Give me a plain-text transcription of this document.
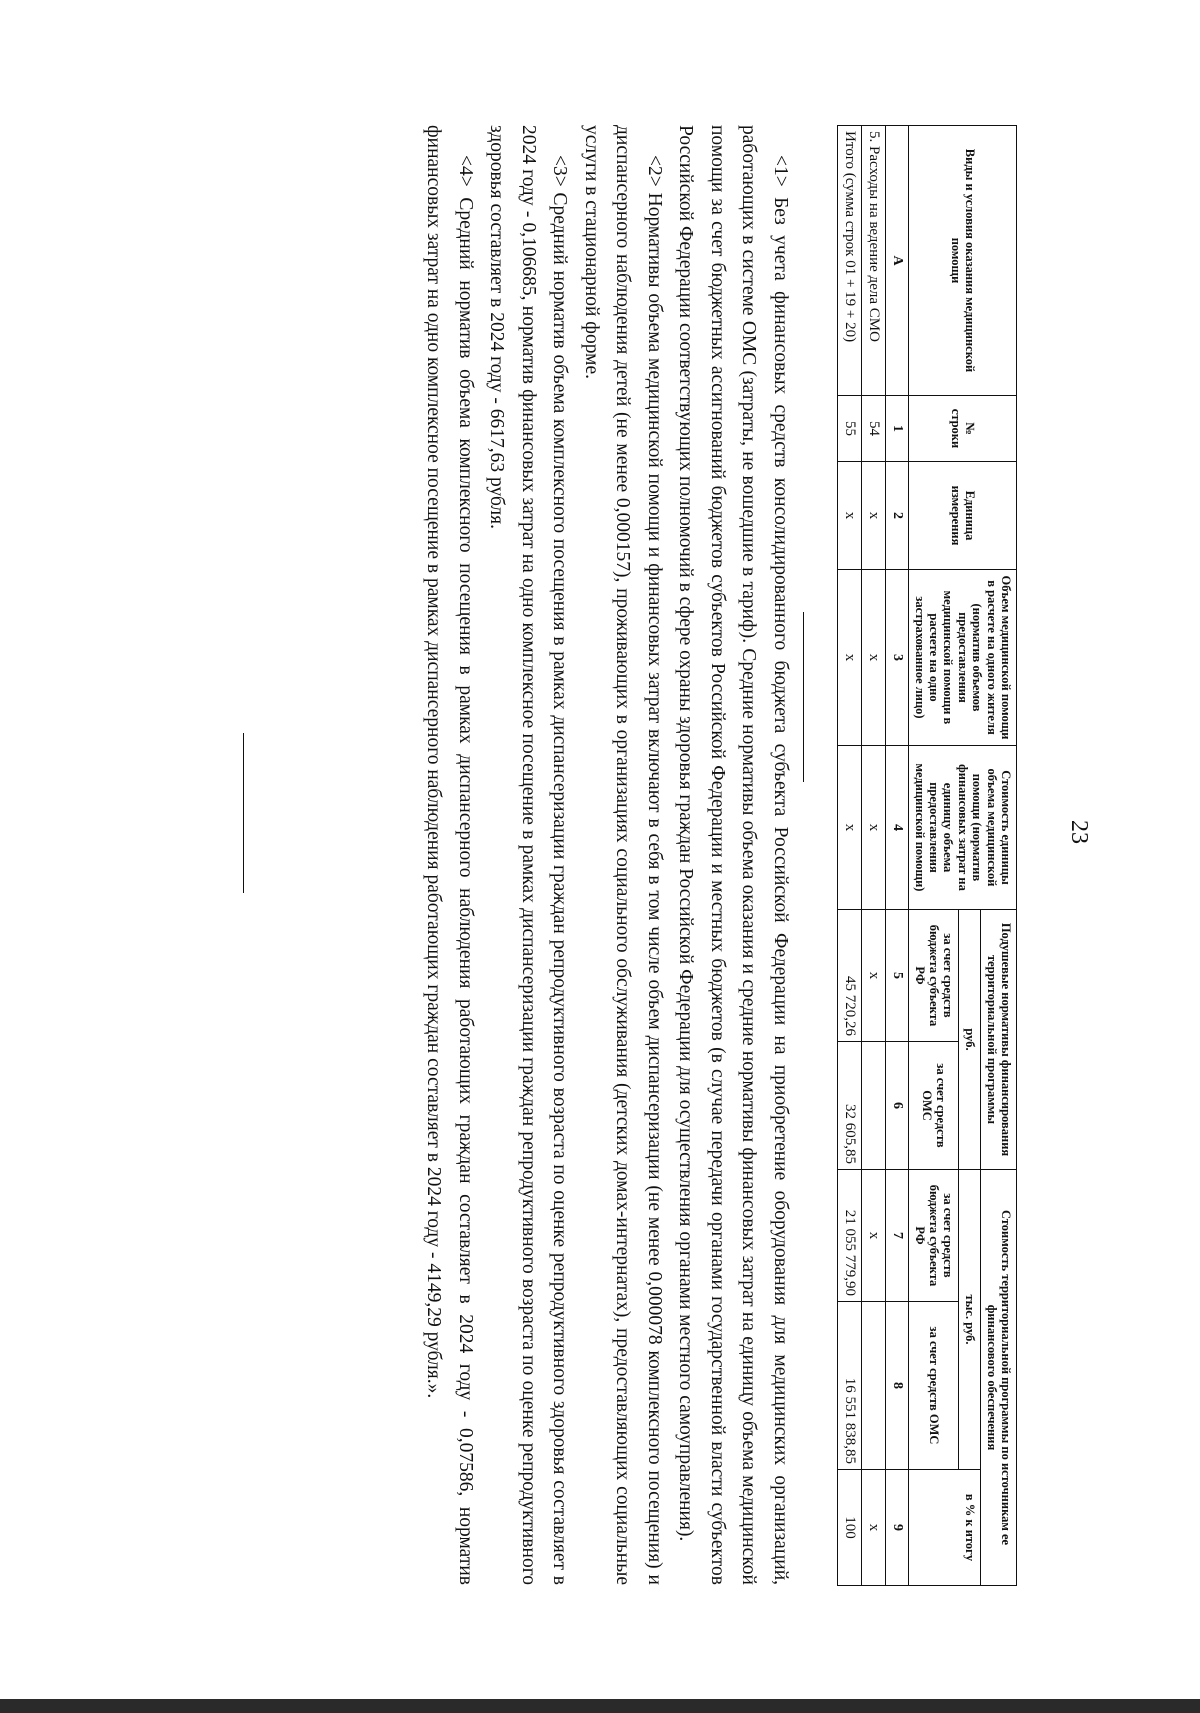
23
Виды и условия оказания медицинской помощи	№ строки	Единица измерения	Объем медицинской помощи в расчете на одного жителя (норматив объемов предоставления медицинской помощи в расчете на одно застрахованное лицо)	Стоимость единицы объема медицинской помощи (норматив финансовых затрат на единицу объема предоставления медицинской помощи)	Подушевые нормативы финансирования территориальной программы		Стоимость территориальной программы по источникам ее финансового обеспечения		
					руб.		тыс. руб.		в % к итогу
					за счет средств бюджета субъекта РФ	за счет средств ОМС	за счет средств бюджета субъекта РФ	за счет средств ОМС	
А	1	2	3	4	5	6	7	8	9
5. Расходы на ведение дела СМО	54	х	х	х	х		х		х
Итого (сумма строк 01 + 19 + 20)	55	х	х	х	45 720,26	32 605,85	21 055 779,90	16 551 838,85	100

<1> Без учета финансовых средств консолидированного бюджета субъекта Российской Федерации на приобретение оборудования для медицинских организаций, работающих в системе ОМС (затраты, не вошедшие в тариф). Средние нормативы объема оказания и средние нормативы финансовых затрат на единицу объема медицинской помощи за счет бюджетных ассигнований бюджетов субъектов Российской Федерации и местных бюджетов (в случае передачи органами государственной власти субъектов Российской Федерации соответствующих полномочий в сфере охраны здоровья граждан Российской Федерации для осуществления органами местного самоуправления).

<2> Нормативы объема медицинской помощи и финансовых затрат включают в себя в том числе объем диспансеризации (не менее 0,000078 комплексного посещения) и диспансерного наблюдения детей (не менее 0,000157), проживающих в организациях социального обслуживания (детских домах-интернатах), предоставляющих социальные услуги в стационарной форме.

<3> Средний норматив объема комплексного посещения в рамках диспансеризации граждан репродуктивного возраста по оценке репродуктивного здоровья составляет в 2024 году - 0,106685, норматив финансовых затрат на одно комплексное посещение в рамках диспансеризации граждан репродуктивного возраста по оценке репродуктивного здоровья составляет в 2024 году - 6617,63 рубля.

<4> Средний норматив объема комплексного посещения в рамках диспансерного наблюдения работающих граждан составляет в 2024 году - 0,07586, норматив финансовых затрат на одно комплексное посещение в рамках диспансерного наблюдения работающих граждан составляет в 2024 году - 4149,29 рубля.».
